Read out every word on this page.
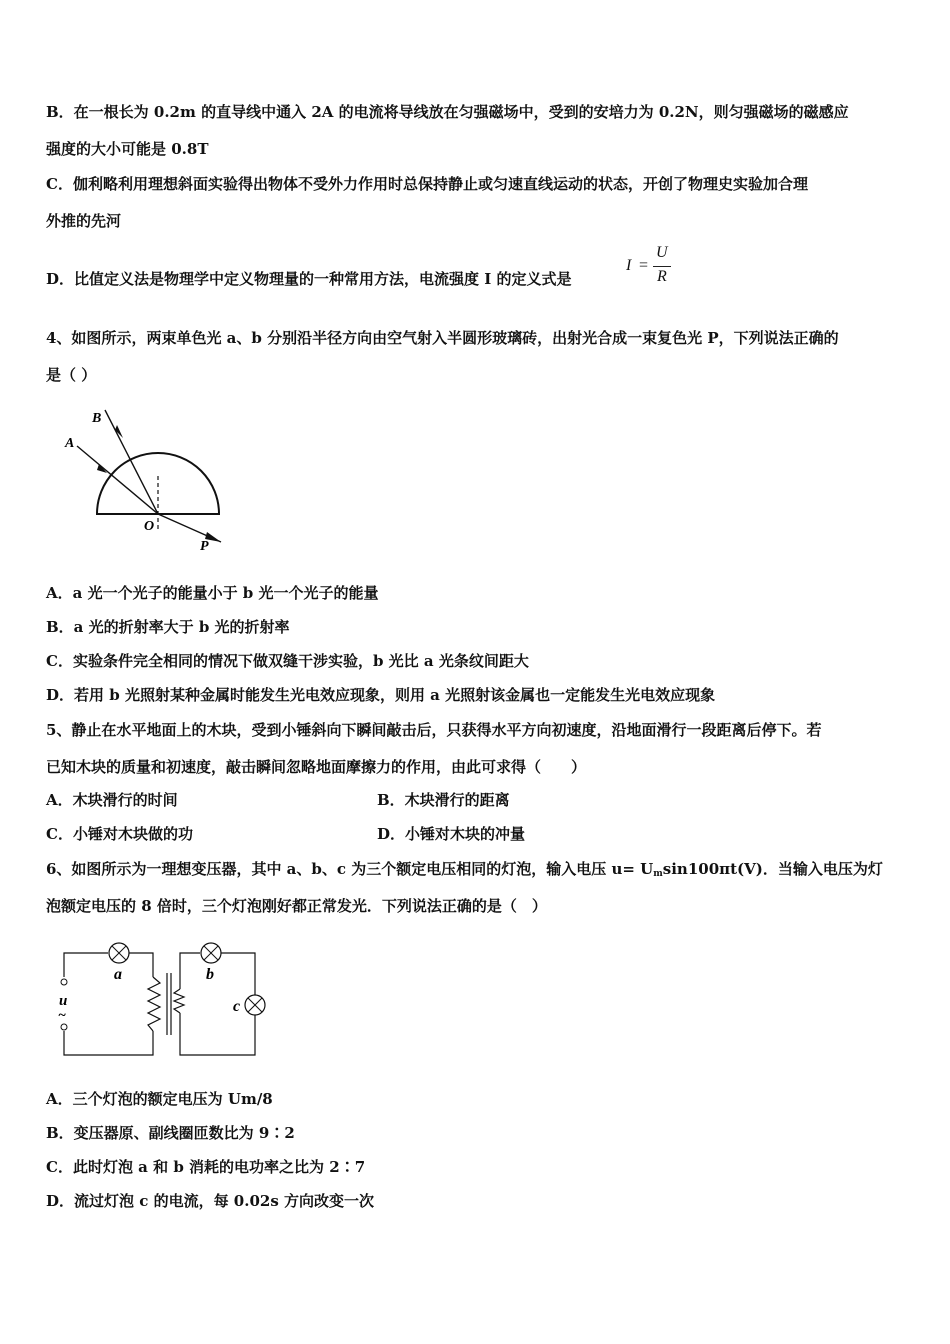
B．在一根长为 0.2m 的直导线中通入 2A 的电流将导线放在匀强磁场中，受到的安培力为 0.2N，则匀强磁场的磁感应
强度的大小可能是 0.8T
C．伽利略利用理想斜面实验得出物体不受外力作用时总保持静止或匀速直线运动的状态，开创了物理史实验加合理
外推的先河
D．比值定义法是物理学中定义物理量的一种常用方法，电流强度 I 的定义式是
I =
U
R
4、如图所示，两束单色光 a、b 分别沿半径方向由空气射入半圆形玻璃砖，出射光合成一束复色光 P，下列说法正确的
是（ ）
B
A
O
P
A．a 光一个光子的能量小于 b 光一个光子的能量
B．a 光的折射率大于 b 光的折射率
C．实验条件完全相同的情况下做双缝干涉实验，b 光比 a 光条纹间距大
D．若用 b 光照射某种金属时能发生光电效应现象，则用 a 光照射该金属也一定能发生光电效应现象
5、静止在水平地面上的木块，受到小锤斜向下瞬间敲击后，只获得水平方向初速度，沿地面滑行一段距离后停下。若
已知木块的质量和初速度，敲击瞬间忽略地面摩擦力的作用，由此可求得（　　）
A．木块滑行的时间	B．木块滑行的距离
C．小锤对木块做的功	D．小锤对木块的冲量
6、如图所示为一理想变压器，其中 a、b、c 为三个额定电压相同的灯泡，输入电压 $u= U_m\sin 100\pi t(V)$．当输入电压为灯
泡额定电压的 8 倍时，三个灯泡刚好都正常发光．下列说法正确的是（　）
a	b
c
u
~
A．三个灯泡的额定电压为 Um/8
B．变压器原、副线圈匝数比为 9∶2
C．此时灯泡 a 和 b 消耗的电功率之比为 2∶7
D．流过灯泡 c 的电流，每 0.02s 方向改变一次
